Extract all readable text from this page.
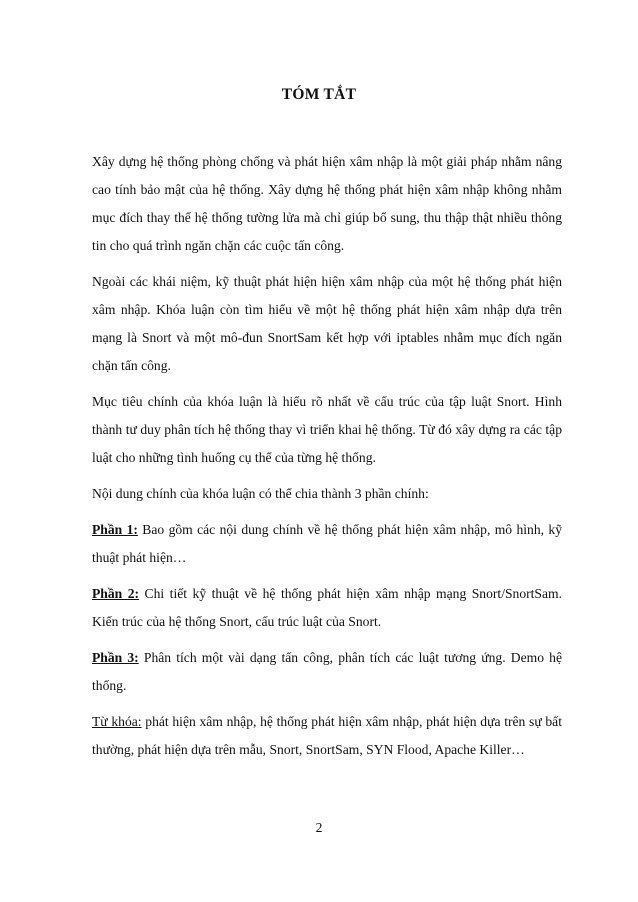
TÓM TẮT

Xây dựng hệ thống phòng chống và phát hiện xâm nhập là một giải pháp nhằm nâng cao tính bảo mật của hệ thống. Xây dựng hệ thống phát hiện xâm nhập không nhằm mục đích thay thế hệ thống tường lửa mà chỉ giúp bổ sung, thu thập thật nhiều thông tin cho quá trình ngăn chặn các cuộc tấn công.

Ngoài các khái niệm, kỹ thuật phát hiện hiện xâm nhập của một hệ thống phát hiện xâm nhập. Khóa luận còn tìm hiểu về một hệ thống phát hiện xâm nhập dựa trên mạng là Snort và một mô-đun SnortSam kết hợp với iptables nhằm mục đích ngăn chặn tấn công.

Mục tiêu chính của khóa luận là hiểu rõ nhất về cấu trúc của tập luật Snort. Hình thành tư duy phân tích hệ thống thay vì triển khai hệ thống. Từ đó xây dựng ra các tập luật cho những tình huống cụ thể của từng hệ thống.

Nội dung chính của khóa luận có thể chia thành 3 phần chính:

Phần 1: Bao gồm các nội dung chính về hệ thống phát hiện xâm nhập, mô hình, kỹ thuật phát hiện…

Phần 2: Chi tiết kỹ thuật về hệ thống phát hiện xâm nhập mạng Snort/SnortSam. Kiến trúc của hệ thống Snort, cấu trúc luật của Snort.

Phần 3: Phân tích một vài dạng tấn công, phân tích các luật tương ứng. Demo hệ thống.

Từ khóa: phát hiện xâm nhập, hệ thống phát hiện xâm nhập, phát hiện dựa trên sự bất thường, phát hiện dựa trên mẫu, Snort, SnortSam, SYN Flood, Apache Killer…

2
